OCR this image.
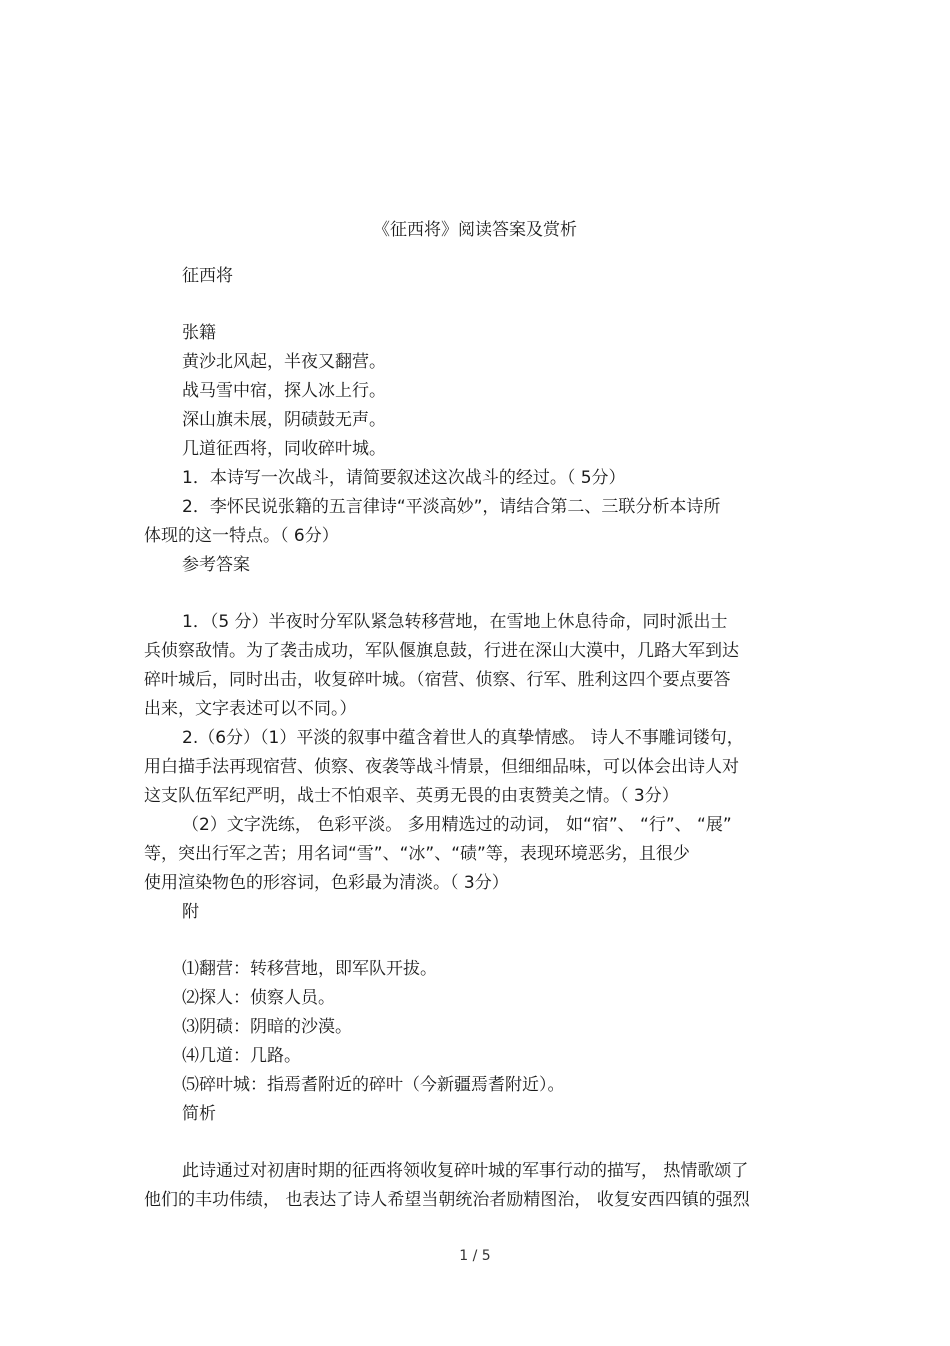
《征西将》阅读答案及赏析
征西将
张籍
黄沙北风起，半夜又翻营。
战马雪中宿，探人冰上行。
深山旗未展，阴碛鼓无声。
几道征西将，同收碎叶城。
1．本诗写一次战斗，请简要叙述这次战斗的经过。（ 5分）
2．李怀民说张籍的五言律诗“平淡高妙”，请结合第二、三联分析本诗所
体现的这一特点。（ 6分）
参考答案
1．（5 分）半夜时分军队紧急转移营地，在雪地上休息待命，同时派出士
兵侦察敌情。为了袭击成功，军队偃旗息鼓，行进在深山大漠中，几路大军到达
碎叶城后，同时出击，收复碎叶城。（宿营、侦察、行军、胜利这四个要点要答
出来，文字表述可以不同。）
2.（6分）（1）平淡的叙事中蕴含着世人的真挚情感。 诗人不事雕词镂句，
用白描手法再现宿营、侦察、夜袭等战斗情景，但细细品味，可以体会出诗人对
这支队伍军纪严明，战士不怕艰辛、英勇无畏的由衷赞美之情。（ 3分）
（2）文字洗练， 色彩平淡。 多用精选过的动词， 如“宿”、 “行”、 “展”
等，突出行军之苦；用名词“雪”、“冰”、“碛”等，表现环境恶劣，且很少
使用渲染物色的形容词，色彩最为清淡。（ 3分）
附
⑴翻营：转移营地，即军队开拔。
⑵探人：侦察人员。
⑶阴碛：阴暗的沙漠。
⑷几道：几路。
⑸碎叶城：指焉耆附近的碎叶（今新疆焉耆附近）。
简析
此诗通过对初唐时期的征西将领收复碎叶城的军事行动的描写， 热情歌颂了
他们的丰功伟绩， 也表达了诗人希望当朝统治者励精图治， 收复安西四镇的强烈
1 / 5
